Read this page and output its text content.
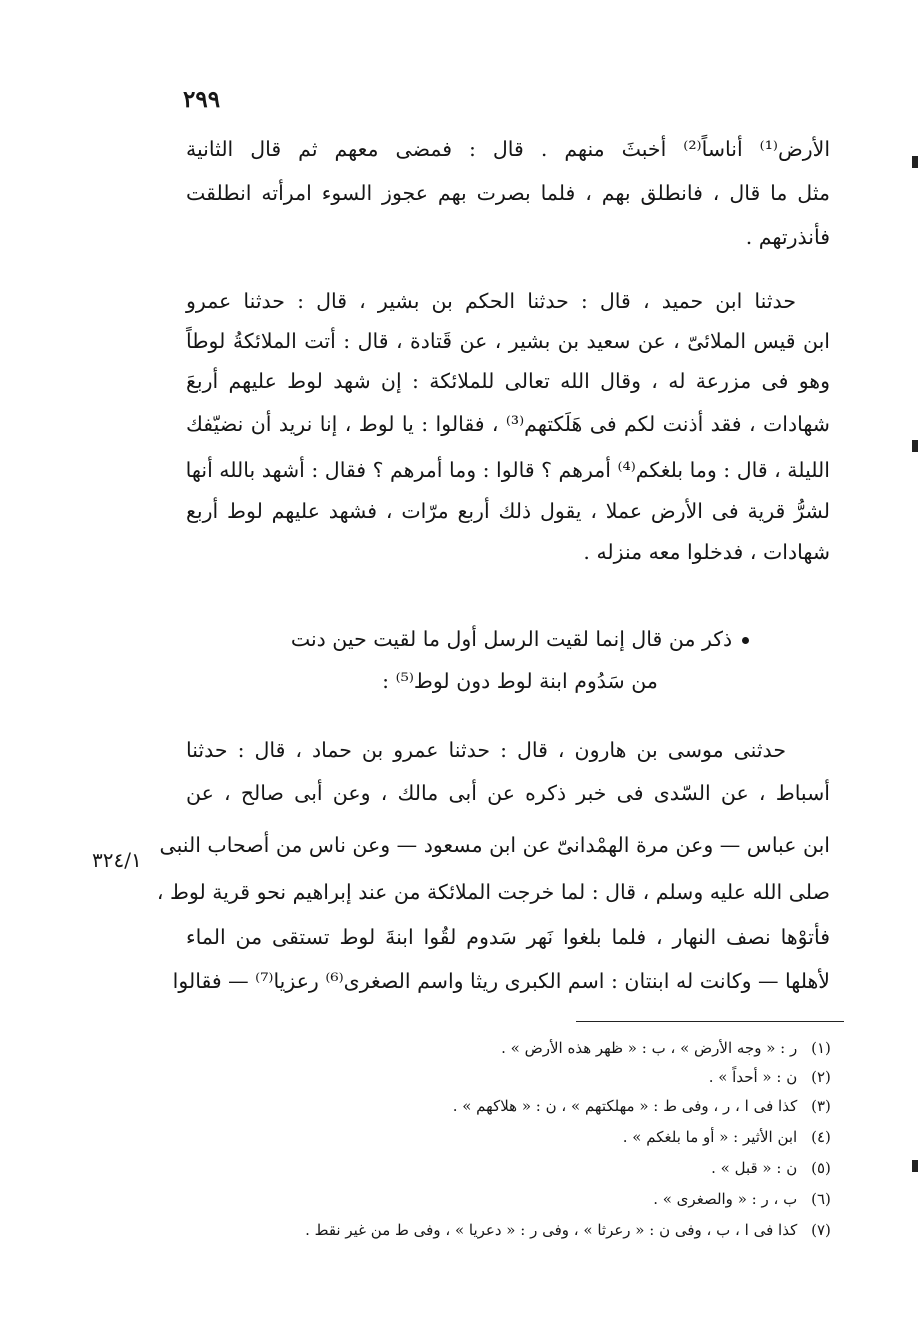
٢٩٩
٣٢٤/١
الأرض⁽¹⁾ أناساً⁽²⁾ أخبثَ منهم . قال : فمضى معهم ثم قال الثانية
مثل ما قال ، فانطلق بهم ، فلما بصرت بهم عجوز السوء امرأته انطلقت
فأنذرتهم .
حدثنا ابن حميد ، قال : حدثنا الحكم بن بشير ، قال : حدثنا عمرو
ابن قيس الملائىّ ، عن سعيد بن بشير ، عن قَتادة ، قال : أتت الملائكةُ لوطاً
وهو فى مزرعة له ، وقال الله تعالى للملائكة : إن شهد لوط عليهم أربعَ
شهادات ، فقد أذنت لكم فى هَلَكتهم⁽³⁾ ، فقالوا : يا لوط ، إنا نريد أن نضيّفك
الليلة ، قال : وما بلغكم⁽⁴⁾ أمرهم ؟ قالوا : وما أمرهم ؟ فقال : أشهد بالله أنها
لشرُّ قرية فى الأرض عملا ، يقول ذلك أربع مرّات ، فشهد عليهم لوط أربع
شهادات ، فدخلوا معه منزله .
ذكر من قال إنما لقيت الرسل أول ما لقيت حين دنت
من سَدُوم ابنة لوط دون لوط⁽⁵⁾ :
حدثنى موسى بن هارون ، قال : حدثنا عمرو بن حماد ، قال : حدثنا
أسباط ، عن السّدى فى خبر ذكره عن أبى مالك ، وعن أبى صالح ، عن
ابن عباس — وعن مرة الهمْدانىّ عن ابن مسعود — وعن ناس من أصحاب النبى
صلى الله عليه وسلم ، قال : لما خرجت الملائكة من عند إبراهيم نحو قرية لوط ،
فأتوْها نصف النهار ، فلما بلغوا نَهر سَدوم لقُوا ابنةَ لوط تستقى من الماء
لأهلها — وكانت له ابنتان : اسم الكبرى ريثا واسم الصغرى⁽⁶⁾ رعزيا⁽⁷⁾ — فقالوا
(١) ر : « وجه الأرض » ، ب : « ظهر هذه الأرض » .
(٢) ن : « أحداً » .
(٣) كذا فى ا ، ر ، وفى ط : « مهلكتهم » ، ن : « هلاكهم » .
(٤) ابن الأثير : « أو ما بلغكم » .
(٥) ن : « قبل » .
(٦) ب ، ر : « والصغرى » .
(٧) كذا فى ا ، ب ، وفى ن : « رعرثا » ، وفى ر : « دعريا » ، وفى ط من غير نقط .
